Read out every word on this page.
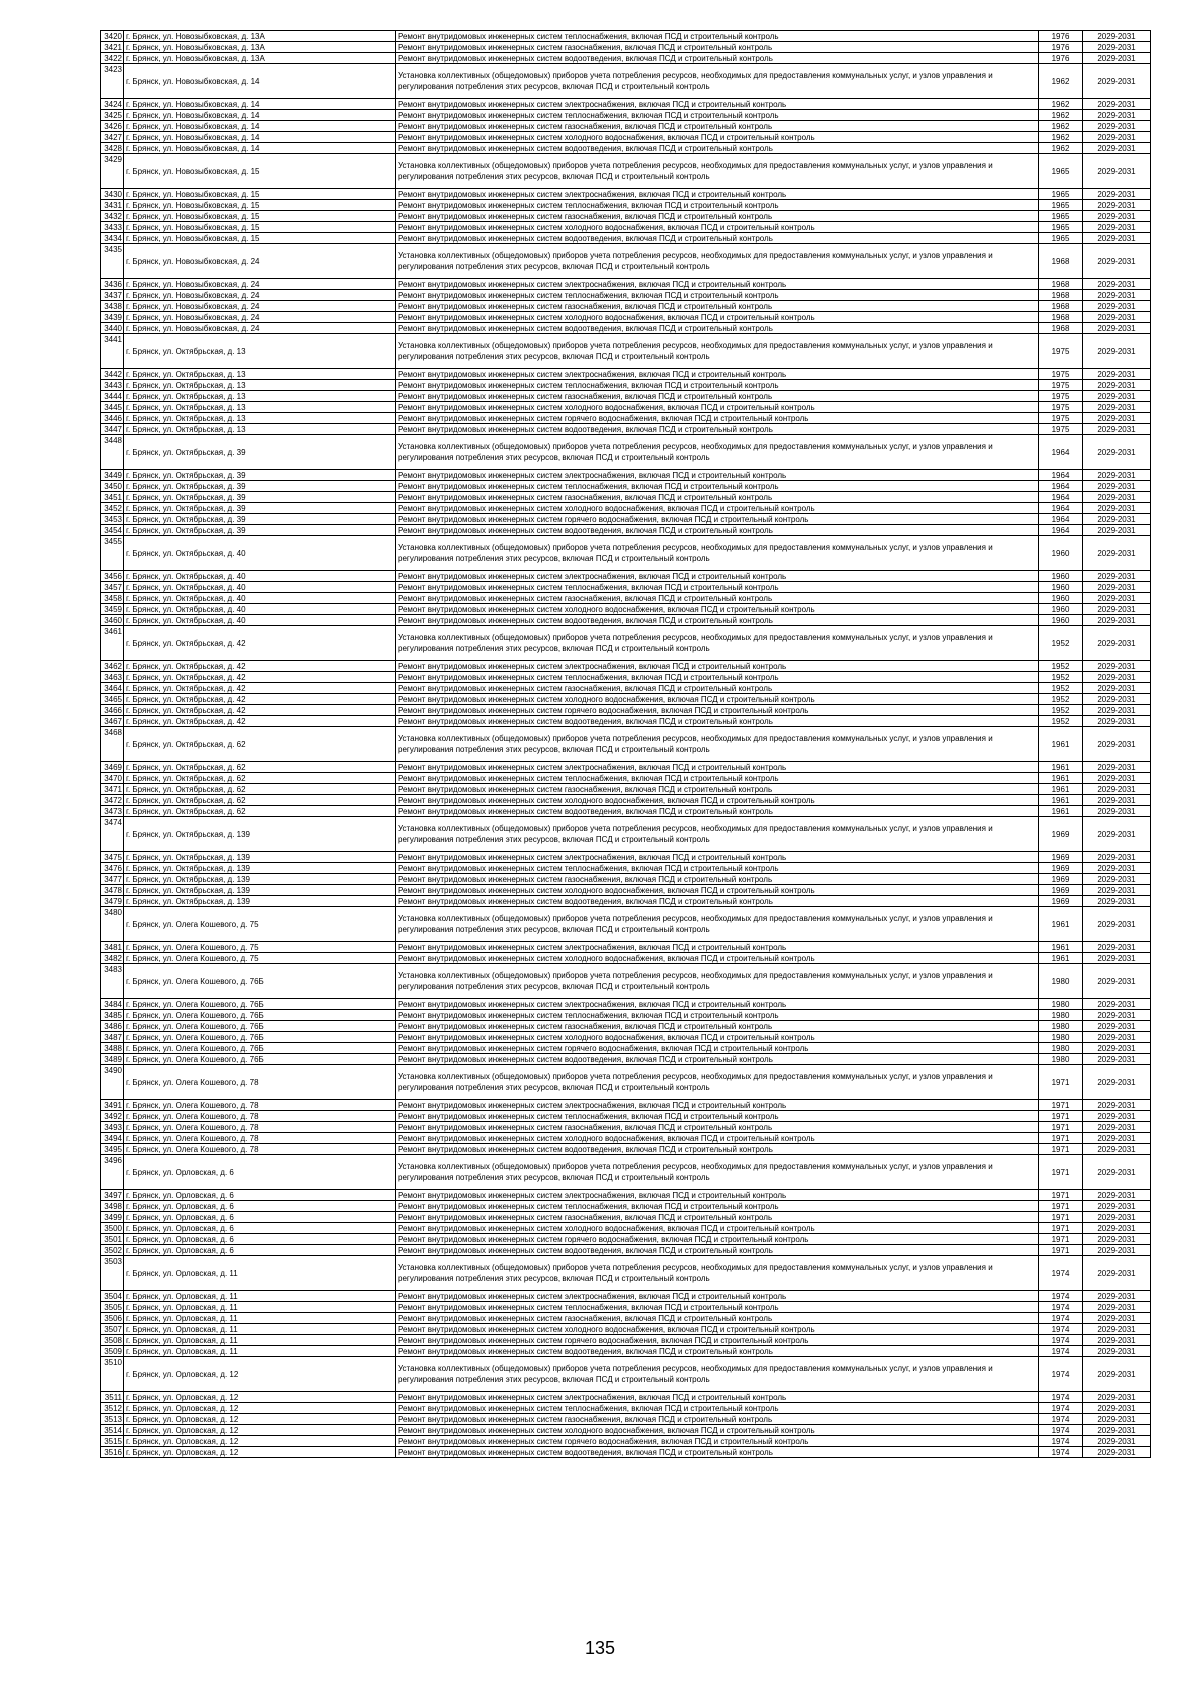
3420	г. Брянск, ул. Новозыбковская, д. 13А	Ремонт внутридомовых инженерных систем теплоснабжения, включая ПСД и строительный контроль	1976	2029-2031
3421	г. Брянск, ул. Новозыбковская, д. 13А	Ремонт внутридомовых инженерных систем газоснабжения, включая ПСД и строительный контроль	1976	2029-2031
3422	г. Брянск, ул. Новозыбковская, д. 13А	Ремонт внутридомовых инженерных систем водоотведения, включая ПСД и строительный контроль	1976	2029-2031
3423	г. Брянск, ул. Новозыбковская, д. 14	Установка коллективных (общедомовых) приборов учета потребления ресурсов, необходимых для предоставления коммунальных услуг, и узлов управления и регулирования потребления этих ресурсов, включая ПСД и строительный контроль	1962	2029-2031
3424	г. Брянск, ул. Новозыбковская, д. 14	Ремонт внутридомовых инженерных систем электроснабжения, включая ПСД и строительный контроль	1962	2029-2031
3425	г. Брянск, ул. Новозыбковская, д. 14	Ремонт внутридомовых инженерных систем теплоснабжения, включая ПСД и строительный контроль	1962	2029-2031
3426	г. Брянск, ул. Новозыбковская, д. 14	Ремонт внутридомовых инженерных систем газоснабжения, включая ПСД и строительный контроль	1962	2029-2031
3427	г. Брянск, ул. Новозыбковская, д. 14	Ремонт внутридомовых инженерных систем холодного водоснабжения, включая ПСД и строительный контроль	1962	2029-2031
3428	г. Брянск, ул. Новозыбковская, д. 14	Ремонт внутридомовых инженерных систем водоотведения, включая ПСД и строительный контроль	1962	2029-2031
3429	г. Брянск, ул. Новозыбковская, д. 15	Установка коллективных (общедомовых) приборов учета потребления ресурсов, необходимых для предоставления коммунальных услуг, и узлов управления и регулирования потребления этих ресурсов, включая ПСД и строительный контроль	1965	2029-2031
3430	г. Брянск, ул. Новозыбковская, д. 15	Ремонт внутридомовых инженерных систем электроснабжения, включая ПСД и строительный контроль	1965	2029-2031
3431	г. Брянск, ул. Новозыбковская, д. 15	Ремонт внутридомовых инженерных систем теплоснабжения, включая ПСД и строительный контроль	1965	2029-2031
3432	г. Брянск, ул. Новозыбковская, д. 15	Ремонт внутридомовых инженерных систем газоснабжения, включая ПСД и строительный контроль	1965	2029-2031
3433	г. Брянск, ул. Новозыбковская, д. 15	Ремонт внутридомовых инженерных систем холодного водоснабжения, включая ПСД и строительный контроль	1965	2029-2031
3434	г. Брянск, ул. Новозыбковская, д. 15	Ремонт внутридомовых инженерных систем водоотведения, включая ПСД и строительный контроль	1965	2029-2031
3435	г. Брянск, ул. Новозыбковская, д. 24	Установка коллективных (общедомовых) приборов учета потребления ресурсов, необходимых для предоставления коммунальных услуг, и узлов управления и регулирования потребления этих ресурсов, включая ПСД и строительный контроль	1968	2029-2031
3436	г. Брянск, ул. Новозыбковская, д. 24	Ремонт внутридомовых инженерных систем электроснабжения, включая ПСД и строительный контроль	1968	2029-2031
3437	г. Брянск, ул. Новозыбковская, д. 24	Ремонт внутридомовых инженерных систем теплоснабжения, включая ПСД и строительный контроль	1968	2029-2031
3438	г. Брянск, ул. Новозыбковская, д. 24	Ремонт внутридомовых инженерных систем газоснабжения, включая ПСД и строительный контроль	1968	2029-2031
3439	г. Брянск, ул. Новозыбковская, д. 24	Ремонт внутридомовых инженерных систем холодного водоснабжения, включая ПСД и строительный контроль	1968	2029-2031
3440	г. Брянск, ул. Новозыбковская, д. 24	Ремонт внутридомовых инженерных систем водоотведения, включая ПСД и строительный контроль	1968	2029-2031
3441	г. Брянск, ул. Октябрьская, д. 13	Установка коллективных (общедомовых) приборов учета потребления ресурсов, необходимых для предоставления коммунальных услуг, и узлов управления и регулирования потребления этих ресурсов, включая ПСД и строительный контроль	1975	2029-2031
3442	г. Брянск, ул. Октябрьская, д. 13	Ремонт внутридомовых инженерных систем электроснабжения, включая ПСД и строительный контроль	1975	2029-2031
3443	г. Брянск, ул. Октябрьская, д. 13	Ремонт внутридомовых инженерных систем теплоснабжения, включая ПСД и строительный контроль	1975	2029-2031
3444	г. Брянск, ул. Октябрьская, д. 13	Ремонт внутридомовых инженерных систем газоснабжения, включая ПСД и строительный контроль	1975	2029-2031
3445	г. Брянск, ул. Октябрьская, д. 13	Ремонт внутридомовых инженерных систем холодного водоснабжения, включая ПСД и строительный контроль	1975	2029-2031
3446	г. Брянск, ул. Октябрьская, д. 13	Ремонт внутридомовых инженерных систем горячего водоснабжения, включая ПСД и строительный контроль	1975	2029-2031
3447	г. Брянск, ул. Октябрьская, д. 13	Ремонт внутридомовых инженерных систем водоотведения, включая ПСД и строительный контроль	1975	2029-2031
3448	г. Брянск, ул. Октябрьская, д. 39	Установка коллективных (общедомовых) приборов учета потребления ресурсов, необходимых для предоставления коммунальных услуг, и узлов управления и регулирования потребления этих ресурсов, включая ПСД и строительный контроль	1964	2029-2031
3449	г. Брянск, ул. Октябрьская, д. 39	Ремонт внутридомовых инженерных систем электроснабжения, включая ПСД и строительный контроль	1964	2029-2031
3450	г. Брянск, ул. Октябрьская, д. 39	Ремонт внутридомовых инженерных систем теплоснабжения, включая ПСД и строительный контроль	1964	2029-2031
3451	г. Брянск, ул. Октябрьская, д. 39	Ремонт внутридомовых инженерных систем газоснабжения, включая ПСД и строительный контроль	1964	2029-2031
3452	г. Брянск, ул. Октябрьская, д. 39	Ремонт внутридомовых инженерных систем холодного водоснабжения, включая ПСД и строительный контроль	1964	2029-2031
3453	г. Брянск, ул. Октябрьская, д. 39	Ремонт внутридомовых инженерных систем горячего водоснабжения, включая ПСД и строительный контроль	1964	2029-2031
3454	г. Брянск, ул. Октябрьская, д. 39	Ремонт внутридомовых инженерных систем водоотведения, включая ПСД и строительный контроль	1964	2029-2031
3455	г. Брянск, ул. Октябрьская, д. 40	Установка коллективных (общедомовых) приборов учета потребления ресурсов, необходимых для предоставления коммунальных услуг, и узлов управления и регулирования потребления этих ресурсов, включая ПСД и строительный контроль	1960	2029-2031
3456	г. Брянск, ул. Октябрьская, д. 40	Ремонт внутридомовых инженерных систем электроснабжения, включая ПСД и строительный контроль	1960	2029-2031
3457	г. Брянск, ул. Октябрьская, д. 40	Ремонт внутридомовых инженерных систем теплоснабжения, включая ПСД и строительный контроль	1960	2029-2031
3458	г. Брянск, ул. Октябрьская, д. 40	Ремонт внутридомовых инженерных систем газоснабжения, включая ПСД и строительный контроль	1960	2029-2031
3459	г. Брянск, ул. Октябрьская, д. 40	Ремонт внутридомовых инженерных систем холодного водоснабжения, включая ПСД и строительный контроль	1960	2029-2031
3460	г. Брянск, ул. Октябрьская, д. 40	Ремонт внутридомовых инженерных систем водоотведения, включая ПСД и строительный контроль	1960	2029-2031
3461	г. Брянск, ул. Октябрьская, д. 42	Установка коллективных (общедомовых) приборов учета потребления ресурсов, необходимых для предоставления коммунальных услуг, и узлов управления и регулирования потребления этих ресурсов, включая ПСД и строительный контроль	1952	2029-2031
3462	г. Брянск, ул. Октябрьская, д. 42	Ремонт внутридомовых инженерных систем электроснабжения, включая ПСД и строительный контроль	1952	2029-2031
3463	г. Брянск, ул. Октябрьская, д. 42	Ремонт внутридомовых инженерных систем теплоснабжения, включая ПСД и строительный контроль	1952	2029-2031
3464	г. Брянск, ул. Октябрьская, д. 42	Ремонт внутридомовых инженерных систем газоснабжения, включая ПСД и строительный контроль	1952	2029-2031
3465	г. Брянск, ул. Октябрьская, д. 42	Ремонт внутридомовых инженерных систем холодного водоснабжения, включая ПСД и строительный контроль	1952	2029-2031
3466	г. Брянск, ул. Октябрьская, д. 42	Ремонт внутридомовых инженерных систем горячего водоснабжения, включая ПСД и строительный контроль	1952	2029-2031
3467	г. Брянск, ул. Октябрьская, д. 42	Ремонт внутридомовых инженерных систем водоотведения, включая ПСД и строительный контроль	1952	2029-2031
3468	г. Брянск, ул. Октябрьская, д. 62	Установка коллективных (общедомовых) приборов учета потребления ресурсов, необходимых для предоставления коммунальных услуг, и узлов управления и регулирования потребления этих ресурсов, включая ПСД и строительный контроль	1961	2029-2031
3469	г. Брянск, ул. Октябрьская, д. 62	Ремонт внутридомовых инженерных систем электроснабжения, включая ПСД и строительный контроль	1961	2029-2031
3470	г. Брянск, ул. Октябрьская, д. 62	Ремонт внутридомовых инженерных систем теплоснабжения, включая ПСД и строительный контроль	1961	2029-2031
3471	г. Брянск, ул. Октябрьская, д. 62	Ремонт внутридомовых инженерных систем газоснабжения, включая ПСД и строительный контроль	1961	2029-2031
3472	г. Брянск, ул. Октябрьская, д. 62	Ремонт внутридомовых инженерных систем холодного водоснабжения, включая ПСД и строительный контроль	1961	2029-2031
3473	г. Брянск, ул. Октябрьская, д. 62	Ремонт внутридомовых инженерных систем водоотведения, включая ПСД и строительный контроль	1961	2029-2031
3474	г. Брянск, ул. Октябрьская, д. 139	Установка коллективных (общедомовых) приборов учета потребления ресурсов, необходимых для предоставления коммунальных услуг, и узлов управления и регулирования потребления этих ресурсов, включая ПСД и строительный контроль	1969	2029-2031
3475	г. Брянск, ул. Октябрьская, д. 139	Ремонт внутридомовых инженерных систем электроснабжения, включая ПСД и строительный контроль	1969	2029-2031
3476	г. Брянск, ул. Октябрьская, д. 139	Ремонт внутридомовых инженерных систем теплоснабжения, включая ПСД и строительный контроль	1969	2029-2031
3477	г. Брянск, ул. Октябрьская, д. 139	Ремонт внутридомовых инженерных систем газоснабжения, включая ПСД и строительный контроль	1969	2029-2031
3478	г. Брянск, ул. Октябрьская, д. 139	Ремонт внутридомовых инженерных систем холодного водоснабжения, включая ПСД и строительный контроль	1969	2029-2031
3479	г. Брянск, ул. Октябрьская, д. 139	Ремонт внутридомовых инженерных систем водоотведения, включая ПСД и строительный контроль	1969	2029-2031
3480	г. Брянск, ул. Олега Кошевого, д. 75	Установка коллективных (общедомовых) приборов учета потребления ресурсов, необходимых для предоставления коммунальных услуг, и узлов управления и регулирования потребления этих ресурсов, включая ПСД и строительный контроль	1961	2029-2031
3481	г. Брянск, ул. Олега Кошевого, д. 75	Ремонт внутридомовых инженерных систем электроснабжения, включая ПСД и строительный контроль	1961	2029-2031
3482	г. Брянск, ул. Олега Кошевого, д. 75	Ремонт внутридомовых инженерных систем холодного водоснабжения, включая ПСД и строительный контроль	1961	2029-2031
3483	г. Брянск, ул. Олега Кошевого, д. 76Б	Установка коллективных (общедомовых) приборов учета потребления ресурсов, необходимых для предоставления коммунальных услуг, и узлов управления и регулирования потребления этих ресурсов, включая ПСД и строительный контроль	1980	2029-2031
3484	г. Брянск, ул. Олега Кошевого, д. 76Б	Ремонт внутридомовых инженерных систем электроснабжения, включая ПСД и строительный контроль	1980	2029-2031
3485	г. Брянск, ул. Олега Кошевого, д. 76Б	Ремонт внутридомовых инженерных систем теплоснабжения, включая ПСД и строительный контроль	1980	2029-2031
3486	г. Брянск, ул. Олега Кошевого, д. 76Б	Ремонт внутридомовых инженерных систем газоснабжения, включая ПСД и строительный контроль	1980	2029-2031
3487	г. Брянск, ул. Олега Кошевого, д. 76Б	Ремонт внутридомовых инженерных систем холодного водоснабжения, включая ПСД и строительный контроль	1980	2029-2031
3488	г. Брянск, ул. Олега Кошевого, д. 76Б	Ремонт внутридомовых инженерных систем горячего водоснабжения, включая ПСД и строительный контроль	1980	2029-2031
3489	г. Брянск, ул. Олега Кошевого, д. 76Б	Ремонт внутридомовых инженерных систем водоотведения, включая ПСД и строительный контроль	1980	2029-2031
3490	г. Брянск, ул. Олега Кошевого, д. 78	Установка коллективных (общедомовых) приборов учета потребления ресурсов, необходимых для предоставления коммунальных услуг, и узлов управления и регулирования потребления этих ресурсов, включая ПСД и строительный контроль	1971	2029-2031
3491	г. Брянск, ул. Олега Кошевого, д. 78	Ремонт внутридомовых инженерных систем электроснабжения, включая ПСД и строительный контроль	1971	2029-2031
3492	г. Брянск, ул. Олега Кошевого, д. 78	Ремонт внутридомовых инженерных систем теплоснабжения, включая ПСД и строительный контроль	1971	2029-2031
3493	г. Брянск, ул. Олега Кошевого, д. 78	Ремонт внутридомовых инженерных систем газоснабжения, включая ПСД и строительный контроль	1971	2029-2031
3494	г. Брянск, ул. Олега Кошевого, д. 78	Ремонт внутридомовых инженерных систем холодного водоснабжения, включая ПСД и строительный контроль	1971	2029-2031
3495	г. Брянск, ул. Олега Кошевого, д. 78	Ремонт внутридомовых инженерных систем водоотведения, включая ПСД и строительный контроль	1971	2029-2031
3496	г. Брянск, ул. Орловская, д. 6	Установка коллективных (общедомовых) приборов учета потребления ресурсов, необходимых для предоставления коммунальных услуг, и узлов управления и регулирования потребления этих ресурсов, включая ПСД и строительный контроль	1971	2029-2031
3497	г. Брянск, ул. Орловская, д. 6	Ремонт внутридомовых инженерных систем электроснабжения, включая ПСД и строительный контроль	1971	2029-2031
3498	г. Брянск, ул. Орловская, д. 6	Ремонт внутридомовых инженерных систем теплоснабжения, включая ПСД и строительный контроль	1971	2029-2031
3499	г. Брянск, ул. Орловская, д. 6	Ремонт внутридомовых инженерных систем газоснабжения, включая ПСД и строительный контроль	1971	2029-2031
3500	г. Брянск, ул. Орловская, д. 6	Ремонт внутридомовых инженерных систем холодного водоснабжения, включая ПСД и строительный контроль	1971	2029-2031
3501	г. Брянск, ул. Орловская, д. 6	Ремонт внутридомовых инженерных систем горячего водоснабжения, включая ПСД и строительный контроль	1971	2029-2031
3502	г. Брянск, ул. Орловская, д. 6	Ремонт внутридомовых инженерных систем водоотведения, включая ПСД и строительный контроль	1971	2029-2031
3503	г. Брянск, ул. Орловская, д. 11	Установка коллективных (общедомовых) приборов учета потребления ресурсов, необходимых для предоставления коммунальных услуг, и узлов управления и регулирования потребления этих ресурсов, включая ПСД и строительный контроль	1974	2029-2031
3504	г. Брянск, ул. Орловская, д. 11	Ремонт внутридомовых инженерных систем электроснабжения, включая ПСД и строительный контроль	1974	2029-2031
3505	г. Брянск, ул. Орловская, д. 11	Ремонт внутридомовых инженерных систем теплоснабжения, включая ПСД и строительный контроль	1974	2029-2031
3506	г. Брянск, ул. Орловская, д. 11	Ремонт внутридомовых инженерных систем газоснабжения, включая ПСД и строительный контроль	1974	2029-2031
3507	г. Брянск, ул. Орловская, д. 11	Ремонт внутридомовых инженерных систем холодного водоснабжения, включая ПСД и строительный контроль	1974	2029-2031
3508	г. Брянск, ул. Орловская, д. 11	Ремонт внутридомовых инженерных систем горячего водоснабжения, включая ПСД и строительный контроль	1974	2029-2031
3509	г. Брянск, ул. Орловская, д. 11	Ремонт внутридомовых инженерных систем водоотведения, включая ПСД и строительный контроль	1974	2029-2031
3510	г. Брянск, ул. Орловская, д. 12	Установка коллективных (общедомовых) приборов учета потребления ресурсов, необходимых для предоставления коммунальных услуг, и узлов управления и регулирования потребления этих ресурсов, включая ПСД и строительный контроль	1974	2029-2031
3511	г. Брянск, ул. Орловская, д. 12	Ремонт внутридомовых инженерных систем электроснабжения, включая ПСД и строительный контроль	1974	2029-2031
3512	г. Брянск, ул. Орловская, д. 12	Ремонт внутридомовых инженерных систем теплоснабжения, включая ПСД и строительный контроль	1974	2029-2031
3513	г. Брянск, ул. Орловская, д. 12	Ремонт внутридомовых инженерных систем газоснабжения, включая ПСД и строительный контроль	1974	2029-2031
3514	г. Брянск, ул. Орловская, д. 12	Ремонт внутридомовых инженерных систем холодного водоснабжения, включая ПСД и строительный контроль	1974	2029-2031
3515	г. Брянск, ул. Орловская, д. 12	Ремонт внутридомовых инженерных систем горячего водоснабжения, включая ПСД и строительный контроль	1974	2029-2031
3516	г. Брянск, ул. Орловская, д. 12	Ремонт внутридомовых инженерных систем водоотведения, включая ПСД и строительный контроль	1974	2029-2031
135
